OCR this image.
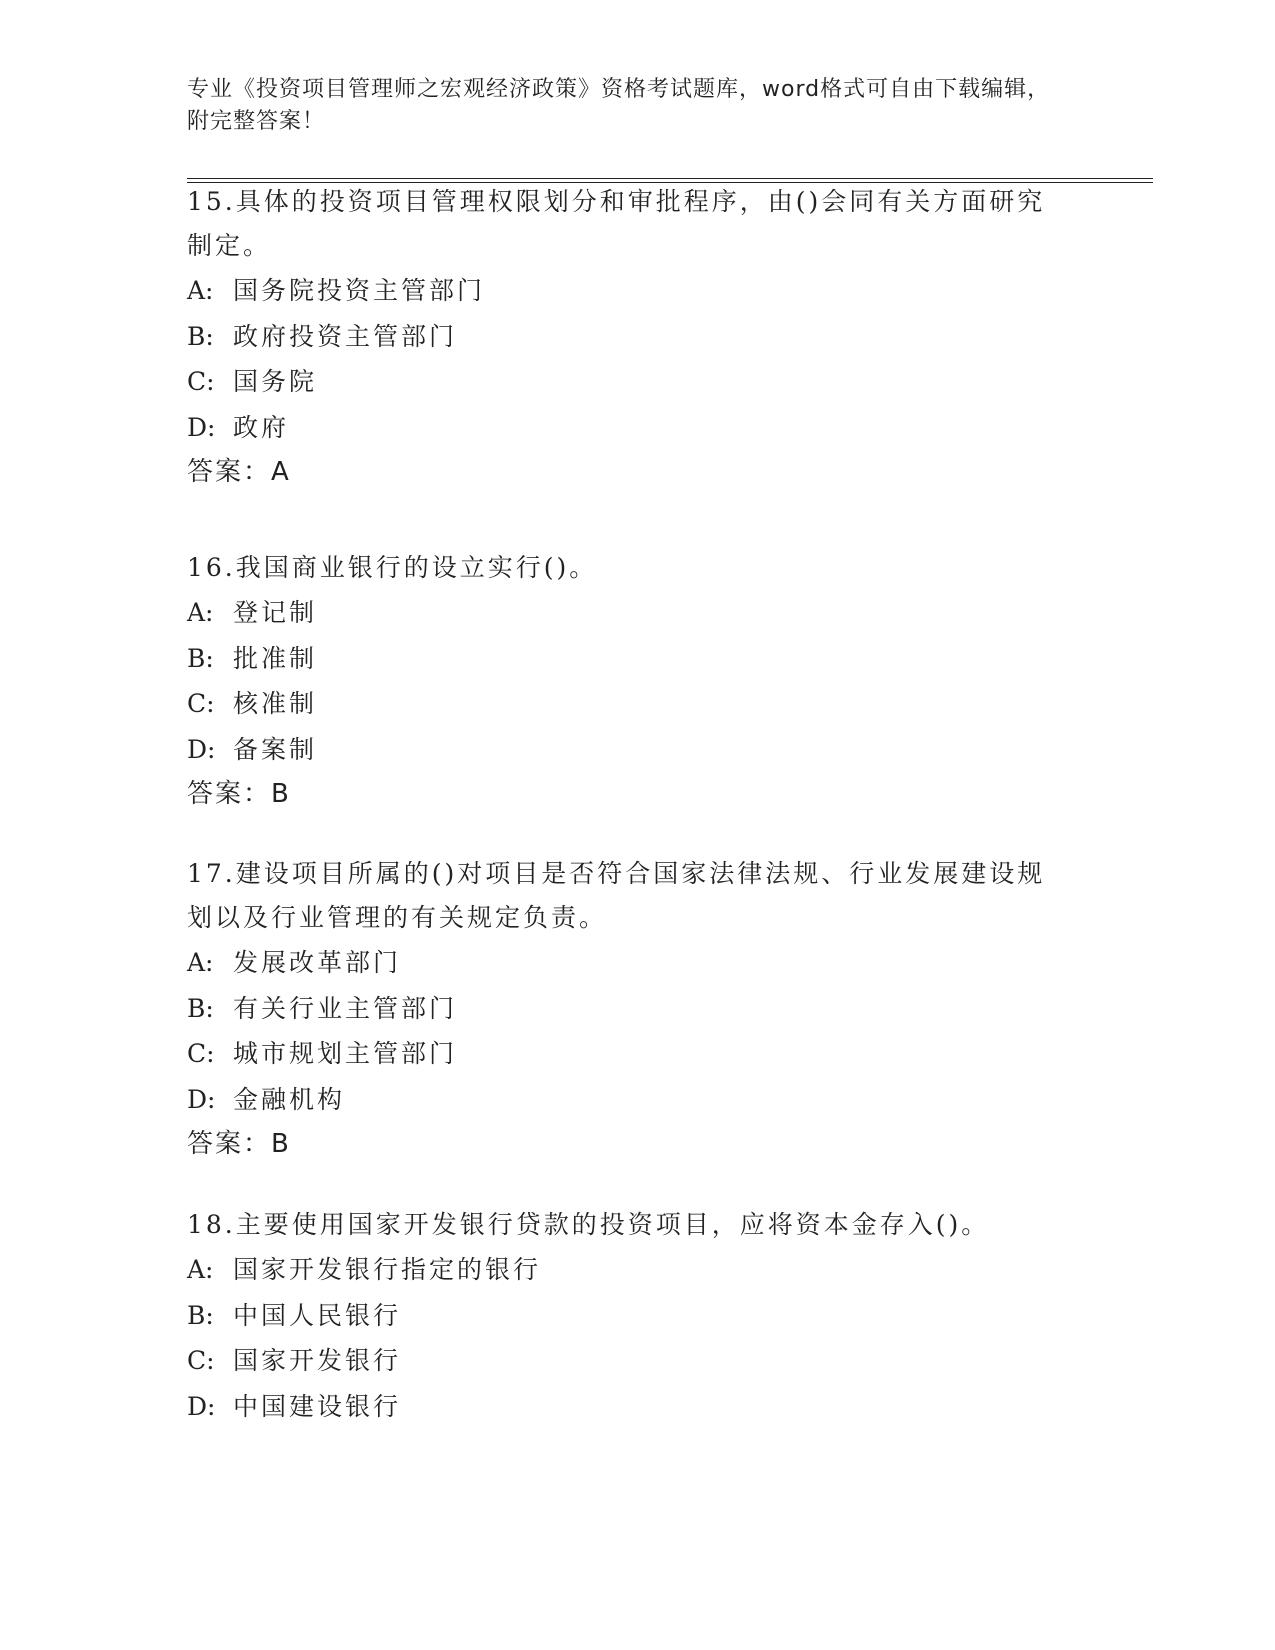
专业《投资项目管理师之宏观经济政策》资格考试题库，word格式可自由下载编辑，附完整答案！

15.具体的投资项目管理权限划分和审批程序，由()会同有关方面研究制定。

A: 国务院投资主管部门

B: 政府投资主管部门

C: 国务院

D: 政府

答案：A

16.我国商业银行的设立实行()。

A: 登记制

B: 批准制

C: 核准制

D: 备案制

答案：B

17.建设项目所属的()对项目是否符合国家法律法规、行业发展建设规划以及行业管理的有关规定负责。

A: 发展改革部门

B: 有关行业主管部门

C: 城市规划主管部门

D: 金融机构

答案：B

18.主要使用国家开发银行贷款的投资项目，应将资本金存入()。

A: 国家开发银行指定的银行

B: 中国人民银行

C: 国家开发银行

D: 中国建设银行
